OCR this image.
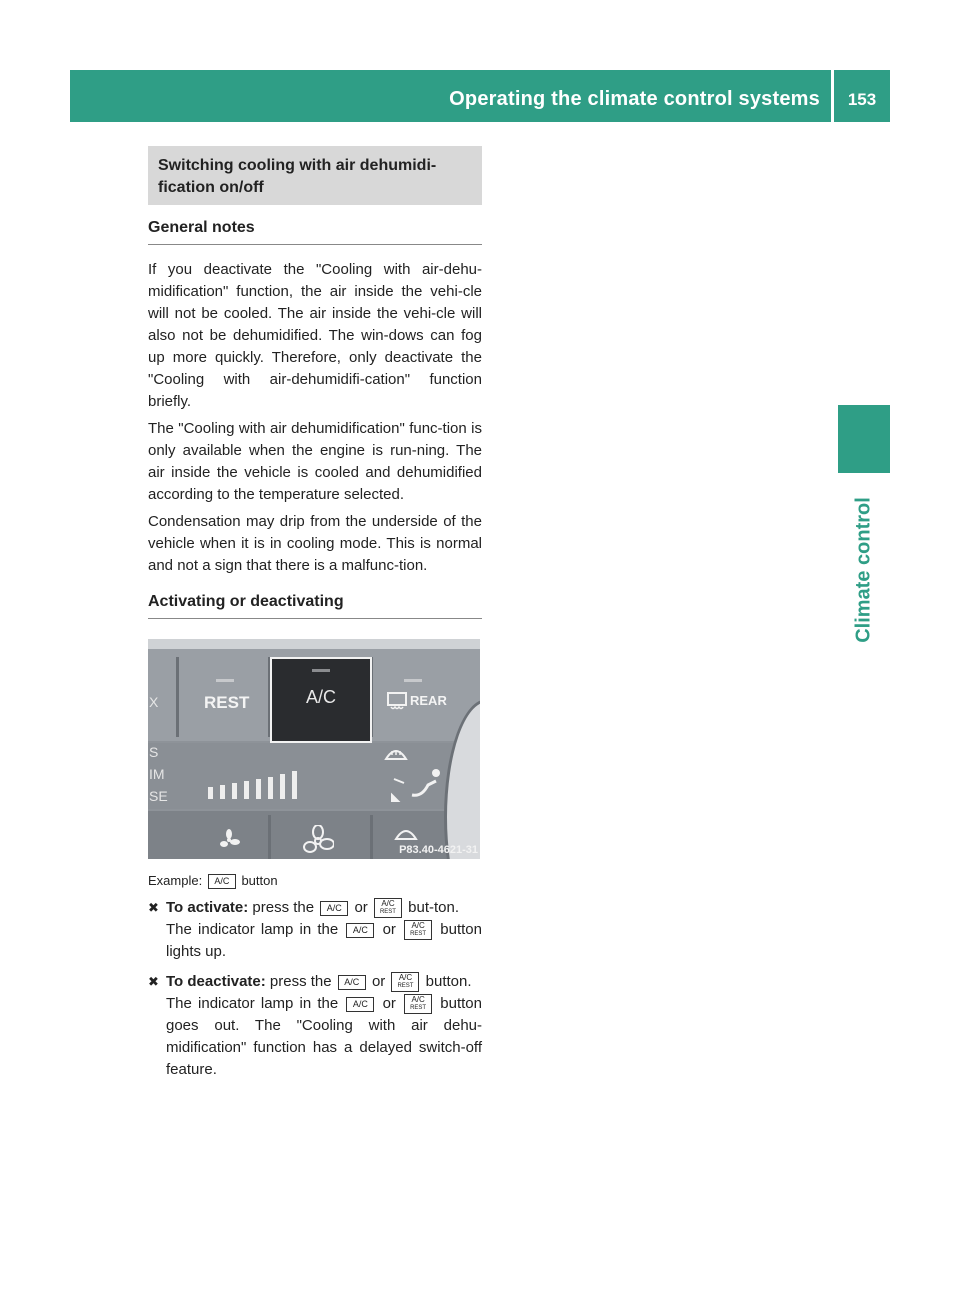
Operating the climate control systems	153
Climate control
Switching cooling with air dehumidi-fication on/off
General notes

If you deactivate the "Cooling with air-dehu-midification" function, the air inside the vehi-cle will not be cooled. The air inside the vehi-cle will also not be dehumidified. The win-dows can fog up more quickly. Therefore, only deactivate the "Cooling with air-dehumidifi-cation" function briefly.

The "Cooling with air dehumidification" func-tion is only available when the engine is run-ning. The air inside the vehicle is cooled and dehumidified according to the temperature selected.

Condensation may drip from the underside of the vehicle when it is in cooling mode. This is normal and not a sign that there is a malfunc-tion.

Activating or deactivating
X
S
IM
SE
REST	A/C	REAR
P83.40-4621-31
Example: A/C button
✖ To activate: press the A/C or A/C
REST but-ton.
The indicator lamp in the A/C or A/C
REST button lights up.
✖ To deactivate: press the A/C or A/C
REST button.
The indicator lamp in the A/C or A/C
REST button goes out. The "Cooling with air dehu-midification" function has a delayed switch-off feature.
